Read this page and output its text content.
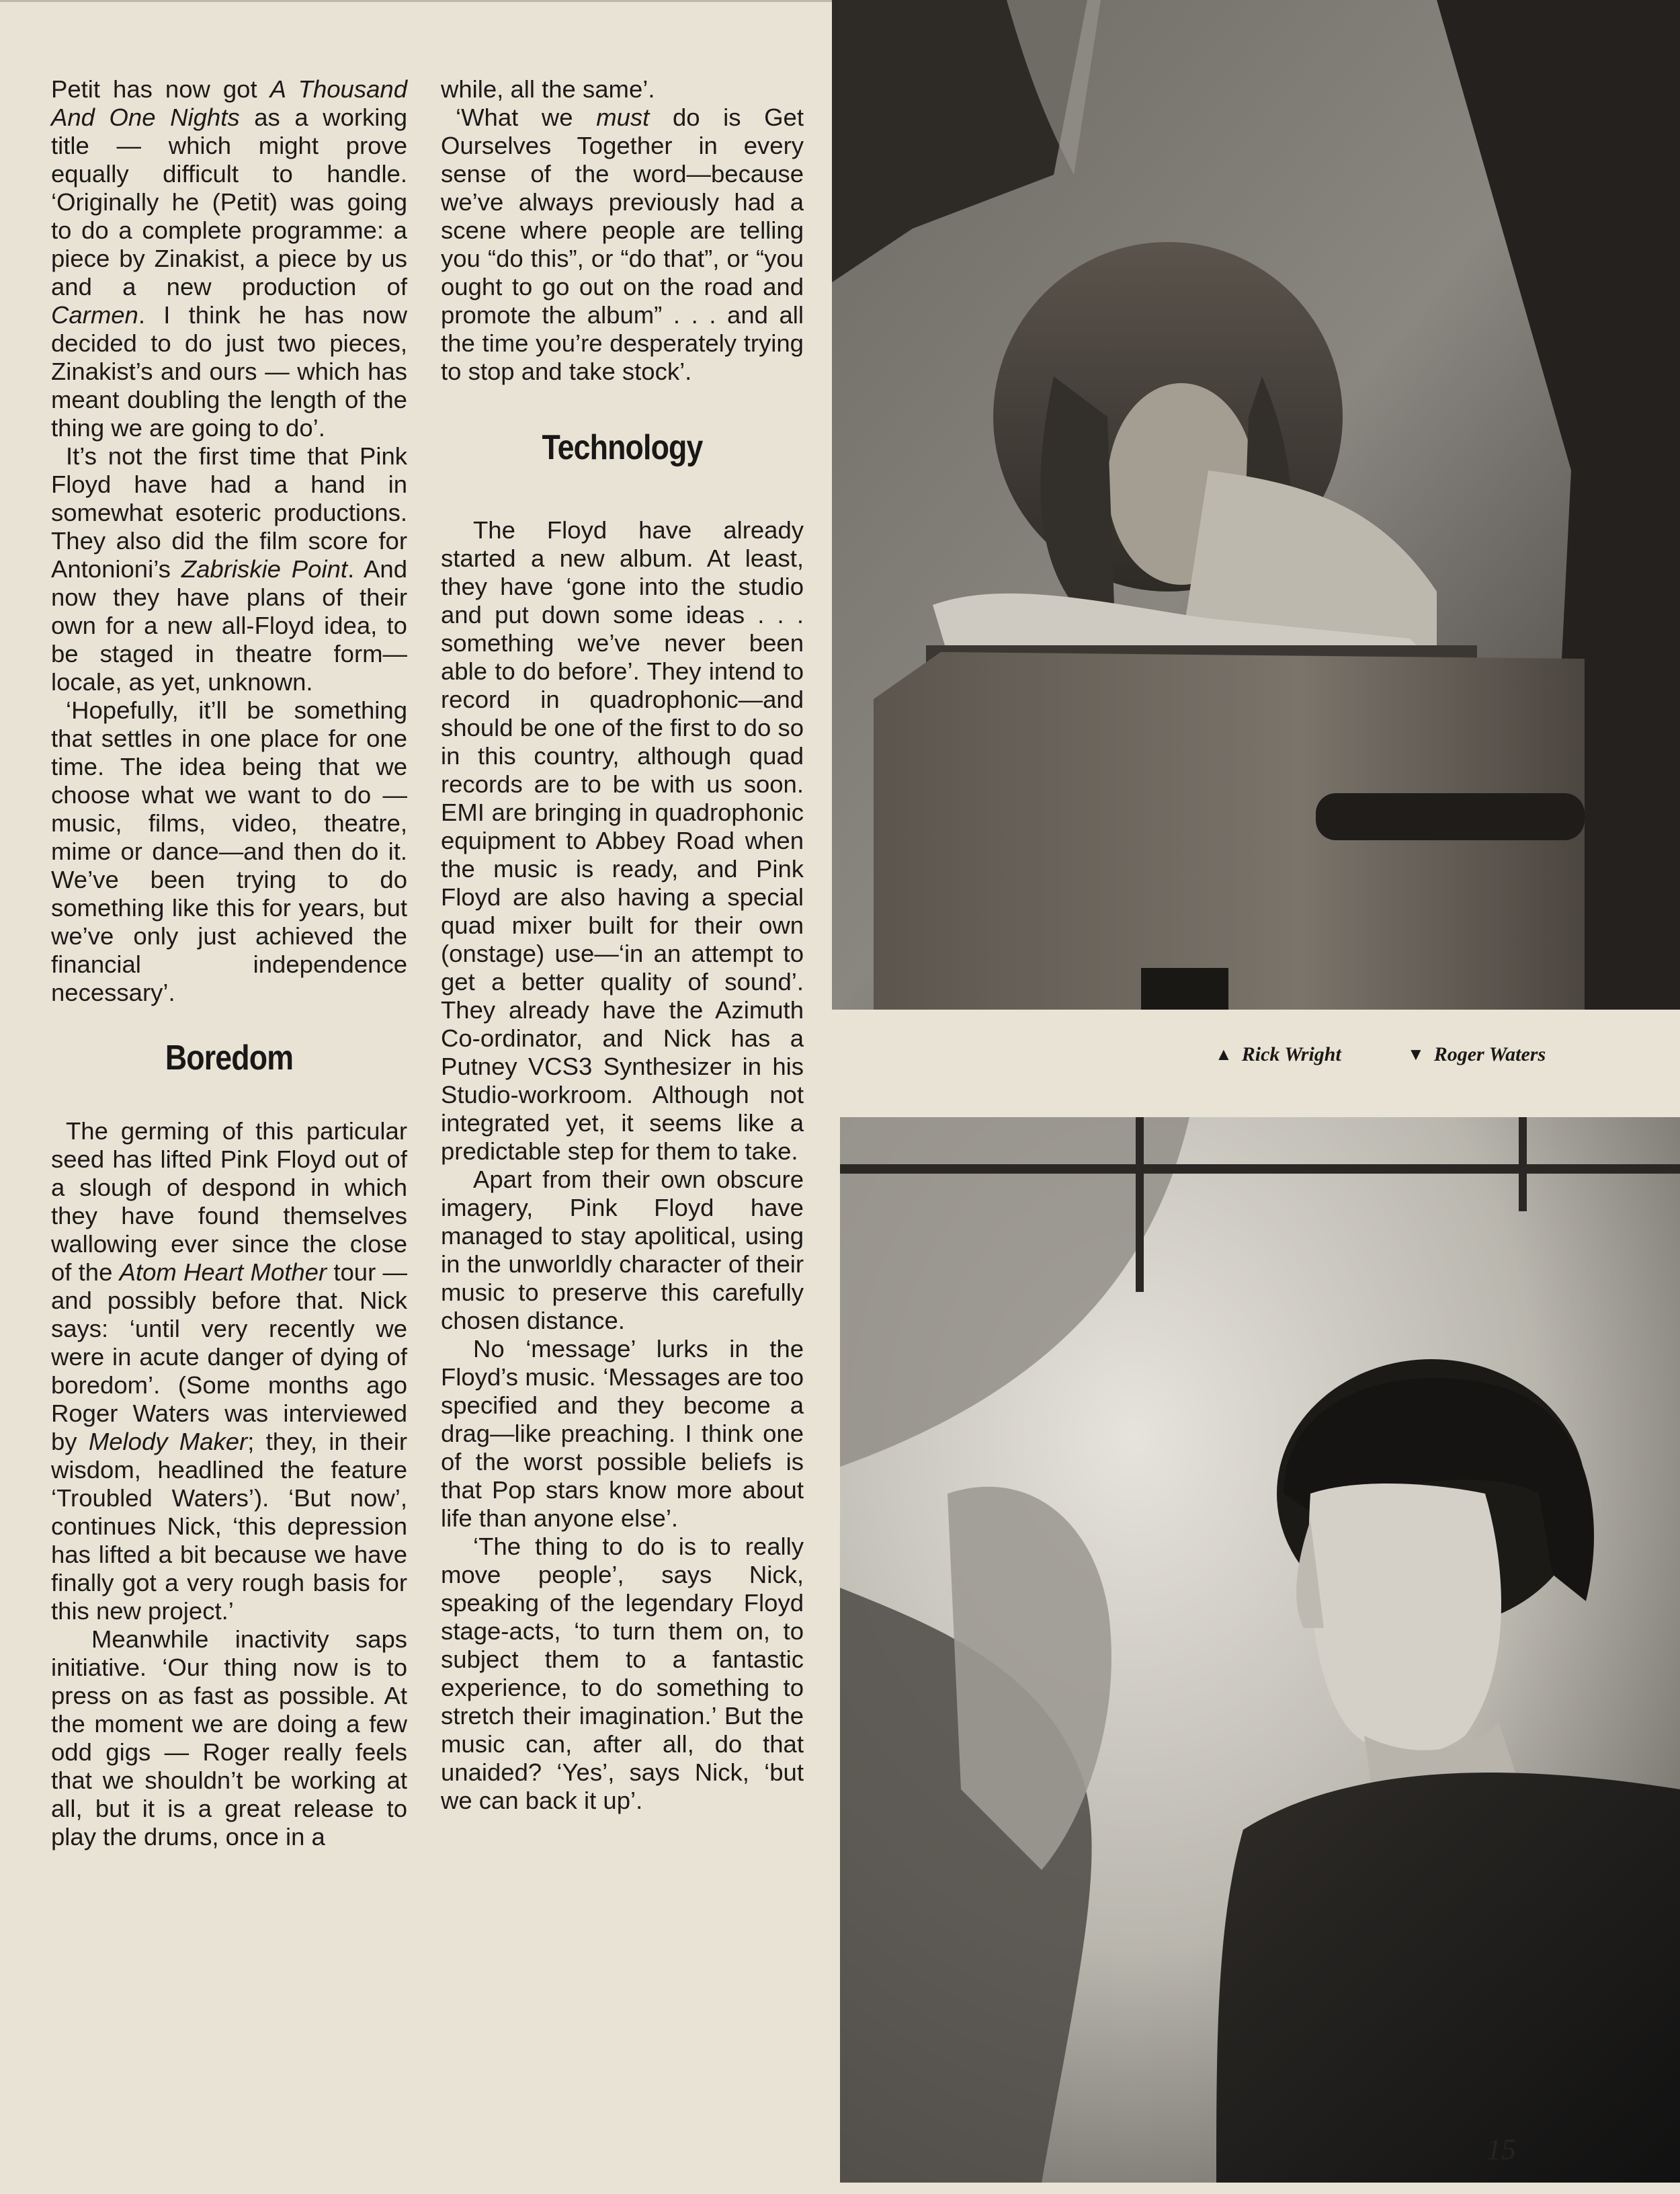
Petit has now got A Thousand And One Nights as a working title — which might prove equally difficult to handle. ‘Originally he (Petit) was going to do a complete programme: a piece by Zinakist, a piece by us and a new production of Carmen. I think he has now decided to do just two pieces, Zinakist’s and ours — which has meant doubling the length of the thing we are going to do’.

It’s not the first time that Pink Floyd have had a hand in somewhat esoteric productions. They also did the film score for Antonioni’s Zabriskie Point. And now they have plans of their own for a new all-Floyd idea, to be staged in theatre form—locale, as yet, unknown.

‘Hopefully, it’ll be something that settles in one place for one time. The idea being that we choose what we want to do — music, films, video, theatre, mime or dance—and then do it. We’ve been trying to do something like this for years, but we’ve only just achieved the financial independence necessary’.

Boredom

The germing of this particular seed has lifted Pink Floyd out of a slough of despond in which they have found themselves wallowing ever since the close of the Atom Heart Mother tour — and possibly before that. Nick says: ‘until very recently we were in acute danger of dying of boredom’. (Some months ago Roger Waters was interviewed by Melody Maker; they, in their wisdom, headlined the feature ‘Troubled Waters’). ‘But now’, continues Nick, ‘this depression has lifted a bit because we have finally got a very rough basis for this new project.’

Meanwhile inactivity saps initiative. ‘Our thing now is to press on as fast as possible. At the moment we are doing a few odd gigs — Roger really feels that we shouldn’t be working at all, but it is a great release to play the drums, once in a

while, all the same’.

‘What we must do is Get Ourselves Together in every sense of the word—because we’ve always previously had a scene where people are telling you “do this”, or “do that”, or “you ought to go out on the road and promote the album” . . . and all the time you’re desperately trying to stop and take stock’.

Technology

The Floyd have already started a new album. At least, they have ‘gone into the studio and put down some ideas . . . something we’ve never been able to do before’. They intend to record in quadrophonic—and should be one of the first to do so in this country, although quad records are to be with us soon. EMI are bringing in quadrophonic equipment to Abbey Road when the music is ready, and Pink Floyd are also having a special quad mixer built for their own (onstage) use—‘in an attempt to get a better quality of sound’. They already have the Azimuth Co-ordinator, and Nick has a Putney VCS3 Synthesizer in his Studio-workroom. Although not integrated yet, it seems like a predictable step for them to take.

Apart from their own obscure imagery, Pink Floyd have managed to stay apolitical, using in the unworldly character of their music to preserve this carefully chosen distance.

No ‘message’ lurks in the Floyd’s music. ‘Messages are too specified and they become a drag—like preaching. I think one of the worst possible beliefs is that Pop stars know more about life than anyone else’.

‘The thing to do is to really move people’, says Nick, speaking of the legendary Floyd stage-acts, ‘to turn them on, to subject them to a fantastic experience, to do something to stretch their imagination.’ But the music can, after all, do that unaided? ‘Yes’, says Nick, ‘but we can back it up’.

▲ Rick Wright	▼ Roger Waters
15
